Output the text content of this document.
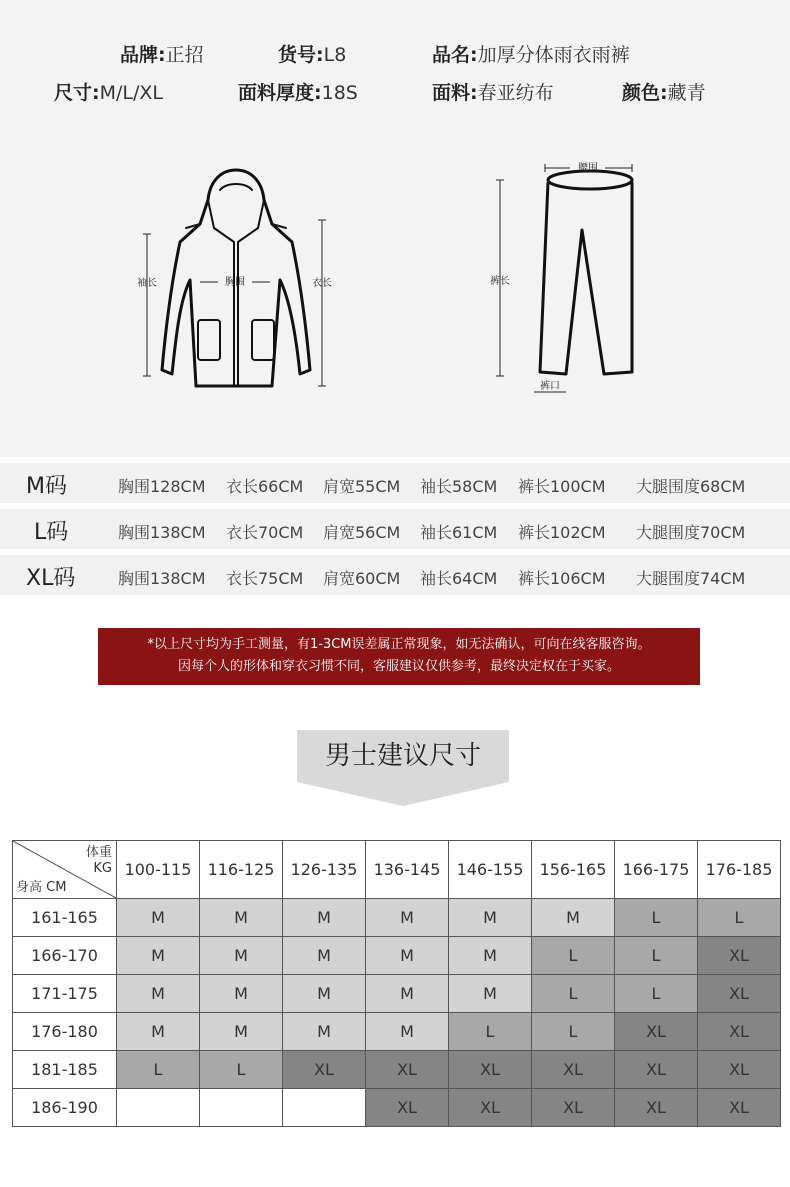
品牌:正招	货号:L8	品名:加厚分体雨衣雨裤
尺寸:M/L/XL	面料厚度:18S	面料:春亚纺布	颜色:藏青
袖长	胸围	衣长
腰围
裤长
裤口
M码	胸围128CM 衣长66CM 肩宽55CM 袖长58CM 裤长100CM 大腿围度68CM
L码	胸围138CM 衣长70CM 肩宽56CM 袖长61CM 裤长102CM 大腿围度70CM
XL码	胸围138CM 衣长75CM 肩宽60CM 袖长64CM 裤长106CM 大腿围度74CM
*以上尺寸均为手工测量，有1-3CM误差属正常现象，如无法确认，可向在线客服咨询。
因每个人的形体和穿衣习惯不同，客服建议仅供参考，最终决定权在于买家。
男士建议尺寸
体重
KG
身高 CM	100-115	116-125	126-135	136-145	146-155	156-165	166-175	176-185
161-165	M	M	M	M	M	M	L	L
166-170	M	M	M	M	M	L	L	XL
171-175	M	M	M	M	M	L	L	XL
176-180	M	M	M	M	L	L	XL	XL
181-185	L	L	XL	XL	XL	XL	XL	XL
186-190				XL	XL	XL	XL	XL
